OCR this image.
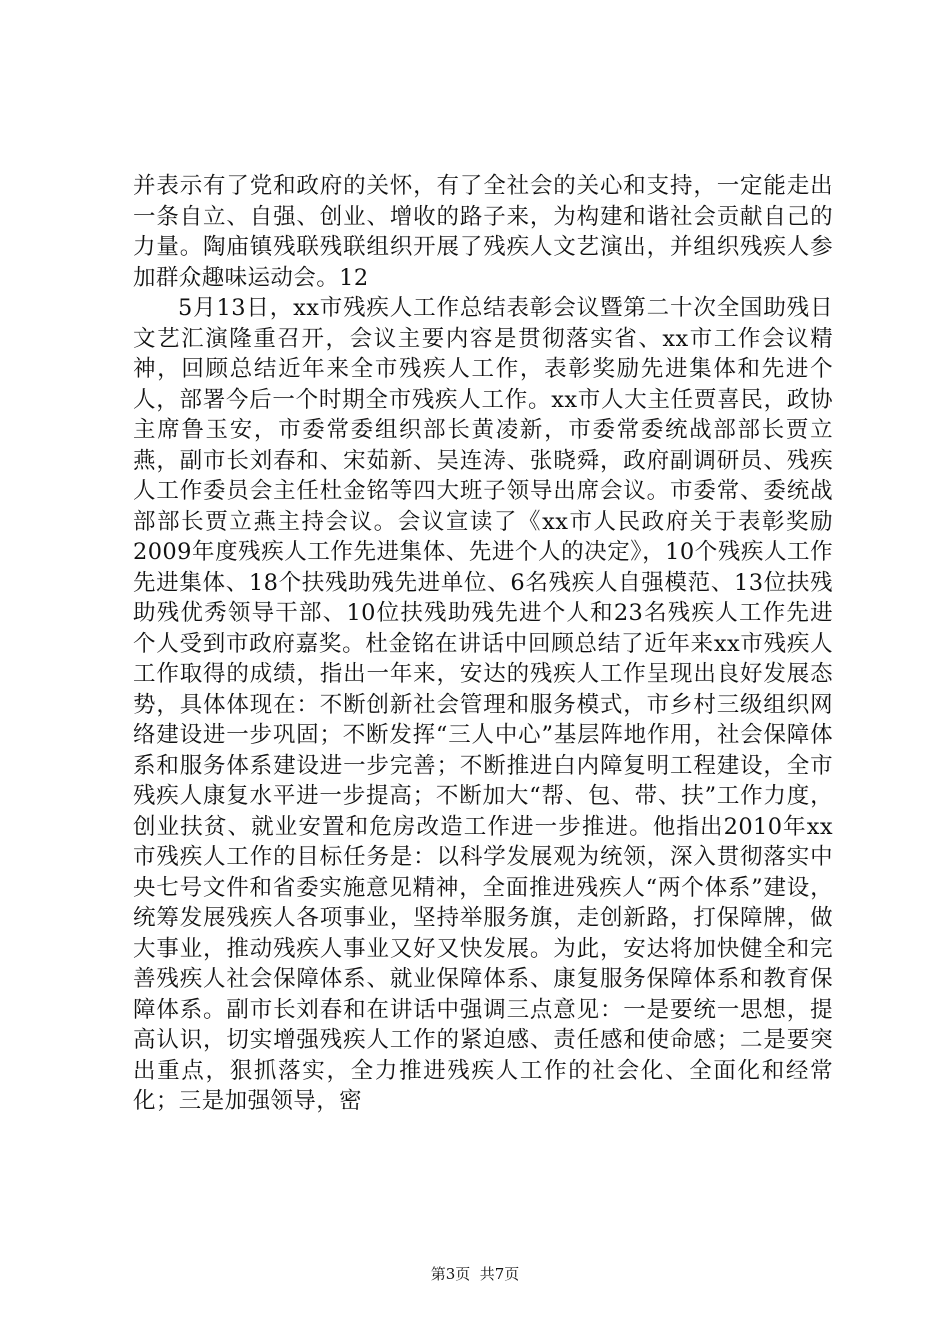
并表示有了党和政府的关怀，有了全社会的关心和支持，一定能走出一条自立、自强、创业、增收的路子来，为构建和谐社会贡献自己的力量。陶庙镇残联残联组织开展了残疾人文艺演出，并组织残疾人参加群众趣味运动会。12

5月13日，xx市残疾人工作总结表彰会议暨第二十次全国助残日文艺汇演隆重召开，会议主要内容是贯彻落实省、xx市工作会议精神，回顾总结近年来全市残疾人工作，表彰奖励先进集体和先进个人，部署今后一个时期全市残疾人工作。xx市人大主任贾喜民，政协主席鲁玉安，市委常委组织部长黄凌新，市委常委统战部部长贾立燕，副市长刘春和、宋茹新、吴连涛、张晓舜，政府副调研员、残疾人工作委员会主任杜金铭等四大班子领导出席会议。市委常、委统战部部长贾立燕主持会议。会议宣读了《xx市人民政府关于表彰奖励2009年度残疾人工作先进集体、先进个人的决定》，10个残疾人工作先进集体、18个扶残助残先进单位、6名残疾人自强模范、13位扶残助残优秀领导干部、10位扶残助残先进个人和23名残疾人工作先进个人受到市政府嘉奖。杜金铭在讲话中回顾总结了近年来xx市残疾人工作取得的成绩，指出一年来，安达的残疾人工作呈现出良好发展态势，具体体现在：不断创新社会管理和服务模式，市乡村三级组织网络建设进一步巩固；不断发挥“三人中心”基层阵地作用，社会保障体系和服务体系建设进一步完善；不断推进白内障复明工程建设，全市残疾人康复水平进一步提高；不断加大“帮、包、带、扶”工作力度，创业扶贫、就业安置和危房改造工作进一步推进。他指出2010年xx市残疾人工作的目标任务是：以科学发展观为统领，深入贯彻落实中央七号文件和省委实施意见精神，全面推进残疾人“两个体系”建设，统筹发展残疾人各项事业，坚持举服务旗，走创新路，打保障牌，做大事业，推动残疾人事业又好又快发展。为此，安达将加快健全和完善残疾人社会保障体系、就业保障体系、康复服务保障体系和教育保障体系。副市长刘春和在讲话中强调三点意见：一是要统一思想，提高认识，切实增强残疾人工作的紧迫感、责任感和使命感；二是要突出重点，狠抓落实，全力推进残疾人工作的社会化、全面化和经常化；三是加强领导，密

第3页  共7页
